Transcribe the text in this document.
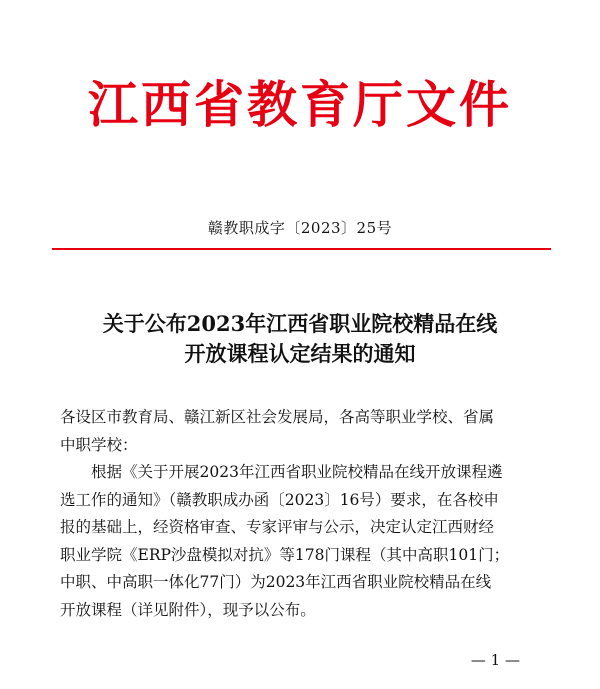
江西省教育厅文件
赣教职成字〔2023〕25号
关于公布2023年江西省职业院校精品在线
开放课程认定结果的通知
各设区市教育局、赣江新区社会发展局，各高等职业学校、省属
中职学校：
根据《关于开展2023年江西省职业院校精品在线开放课程遴
选工作的通知》（赣教职成办函〔2023〕16号）要求，在各校申
报的基础上，经资格审查、专家评审与公示，决定认定江西财经
职业学院《ERP沙盘模拟对抗》等178门课程（其中高职101门；
中职、中高职一体化77门）为2023年江西省职业院校精品在线
开放课程（详见附件），现予以公布。
— 1 —
